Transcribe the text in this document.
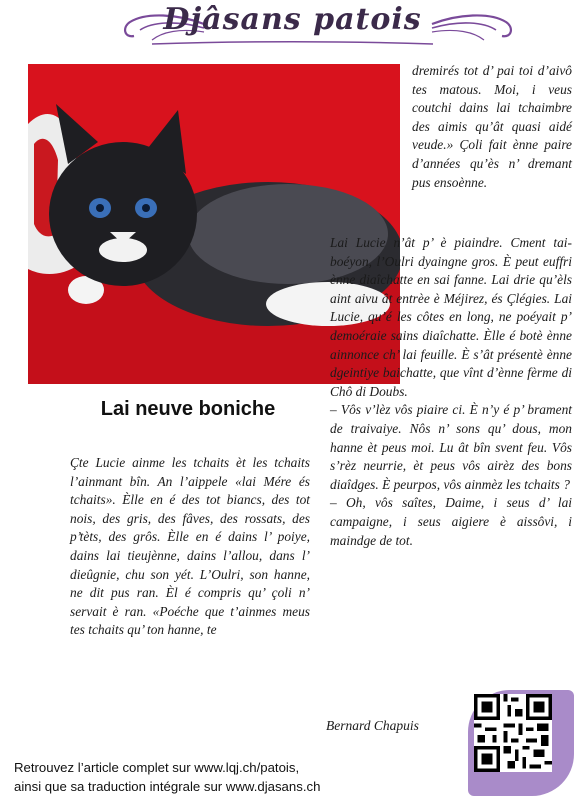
Djâsans patois

dremirés tot d’ pai toi d’aivô tes matous. Moi, i veus coutchi dains lai tchaimbre des aimis qu’ât quasi aidé veude.» Çoli fait ènne paire d’années qu’ès n’ dremant pus ensoènne.

Lai neuve boniche

Lai Lucie n’ât p’ è piaindre. Cment taiboéyon, l’Oulri dyaingne gros. È peut euffri ènne diaîchatte en sai fanne. Lai drie qu’èls aint aivu ât entrèe è Méjirez, és Çlégies. Lai Lucie, qu’é les côtes en long, ne poéyait p’ demoéraie sains diaîchatte. Èlle é botè ènne ainnonce ch’ lai feuille. È s’ât présentè ènne dgeintiye baichatte, que vînt d’ènne fèrme di Chô di Doubs.

– Vôs v’lèz vôs piaire ci. È n’y é p’ brament de traivaiye. Nôs n’ sons qu’ dous, mon hanne èt peus moi. Lu ât bîn svent feu. Vôs s’rèz neurrie, èt peus vôs airèz des bons diaîdges. È peurpos, vôs ainmèz les tchaits ?

– Oh, vôs saîtes, Daime, i seus d’ lai campaigne, i seus aigiere è aissôvi, i maindge de tot.

Çte Lucie ainme les tchaits èt les tchaits l’ainmant bîn. An l’aippele «lai Mére és tchaits». Èlle en é des tot biancs, des tot nois, des gris, des fâves, des rossats, des p’tèts, des grôs. Èlle en é dains l’ poiye, dains lai tieujènne, dains l’allou, dans l’ dieûgnie, chu son yét. L’Oulri, son hanne, ne dit pus ran. Èl é compris qu’ çoli n’ servait è ran. «Poéche que t’ainmes meus tes tchaits qu’ ton hanne, te

Bernard Chapuis
Retrouvez l’article complet sur www.lqj.ch/patois,
ainsi que sa traduction intégrale sur www.djasans.ch
